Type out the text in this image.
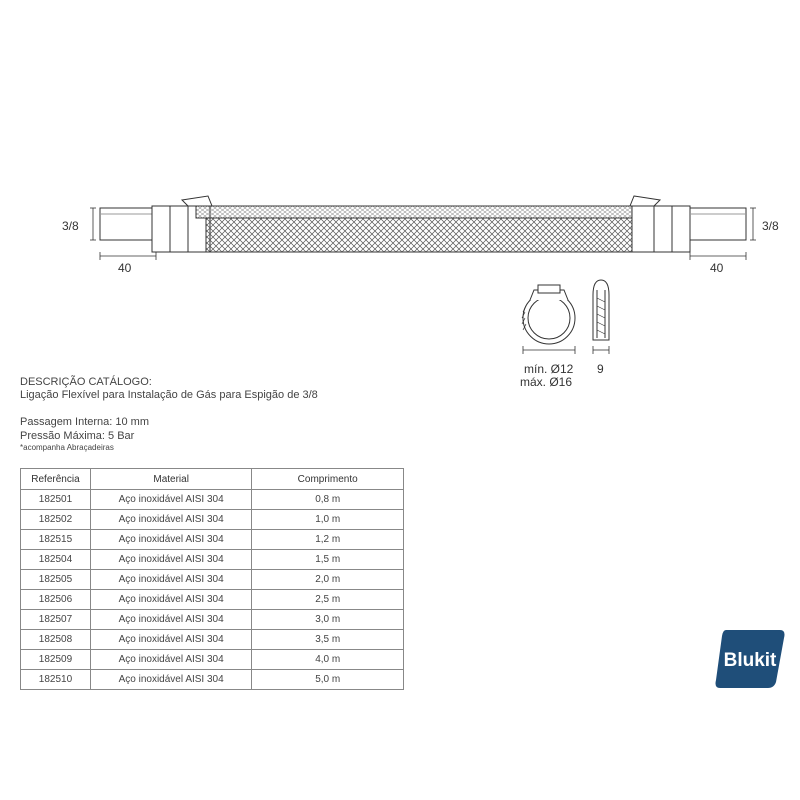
3/8
40
3/8
40
mín. Ø12
máx. Ø16
9
DESCRIÇÃO CATÁLOGO:
Ligação Flexível para Instalação de Gás para Espigão de 3/8
Passagem Interna: 10 mm
Pressão Máxima: 5 Bar
*acompanha Abraçadeiras
Referência	Material	Comprimento
182501	Aço inoxidável AISI 304	0,8 m
182502	Aço inoxidável AISI 304	1,0 m
182515	Aço inoxidável AISI 304	1,2 m
182504	Aço inoxidável AISI 304	1,5 m
182505	Aço inoxidável AISI 304	2,0 m
182506	Aço inoxidável AISI 304	2,5 m
182507	Aço inoxidável AISI 304	3,0 m
182508	Aço inoxidável AISI 304	3,5 m
182509	Aço inoxidável AISI 304	4,0 m
182510	Aço inoxidável AISI 304	5,0 m
Blukit
